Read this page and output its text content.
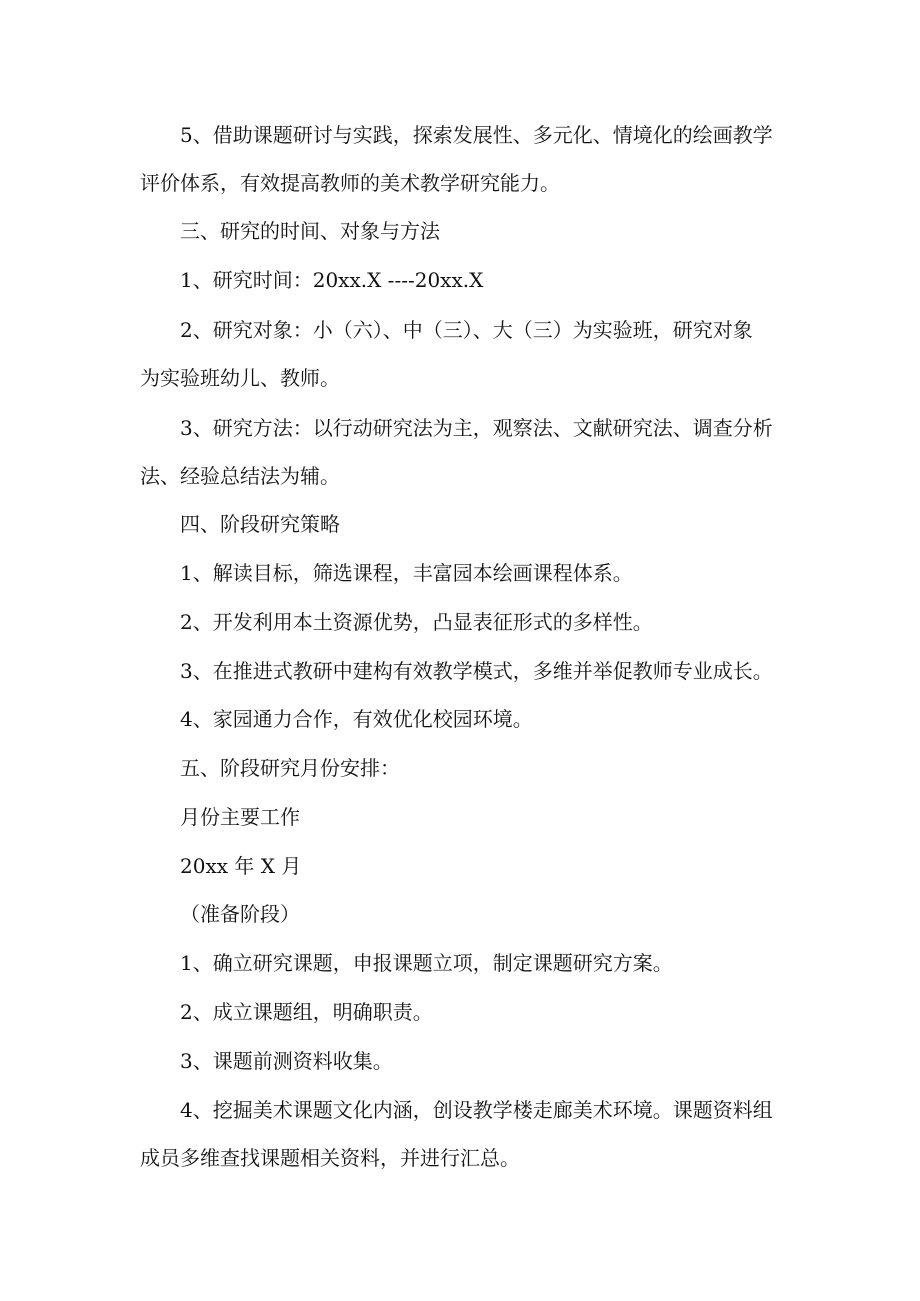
5、借助课题研讨与实践，探索发展性、多元化、情境化的绘画教学
评价体系，有效提高教师的美术教学研究能力。
三、研究的时间、对象与方法
1、研究时间：20xx.X ----20xx.X
2、研究对象：小（六）、中（三）、大（三）为实验班，研究对象
为实验班幼儿、教师。
3、研究方法：以行动研究法为主，观察法、文献研究法、调查分析
法、经验总结法为辅。
四、阶段研究策略
1、解读目标，筛选课程，丰富园本绘画课程体系。
2、开发利用本土资源优势，凸显表征形式的多样性。
3、在推进式教研中建构有效教学模式，多维并举促教师专业成长。
4、家园通力合作，有效优化校园环境。
五、阶段研究月份安排：
月份主要工作
20xx 年 X 月
（准备阶段）
1、确立研究课题，申报课题立项，制定课题研究方案。
2、成立课题组，明确职责。
3、课题前测资料收集。
4、挖掘美术课题文化内涵，创设教学楼走廊美术环境。课题资料组
成员多维查找课题相关资料，并进行汇总。
